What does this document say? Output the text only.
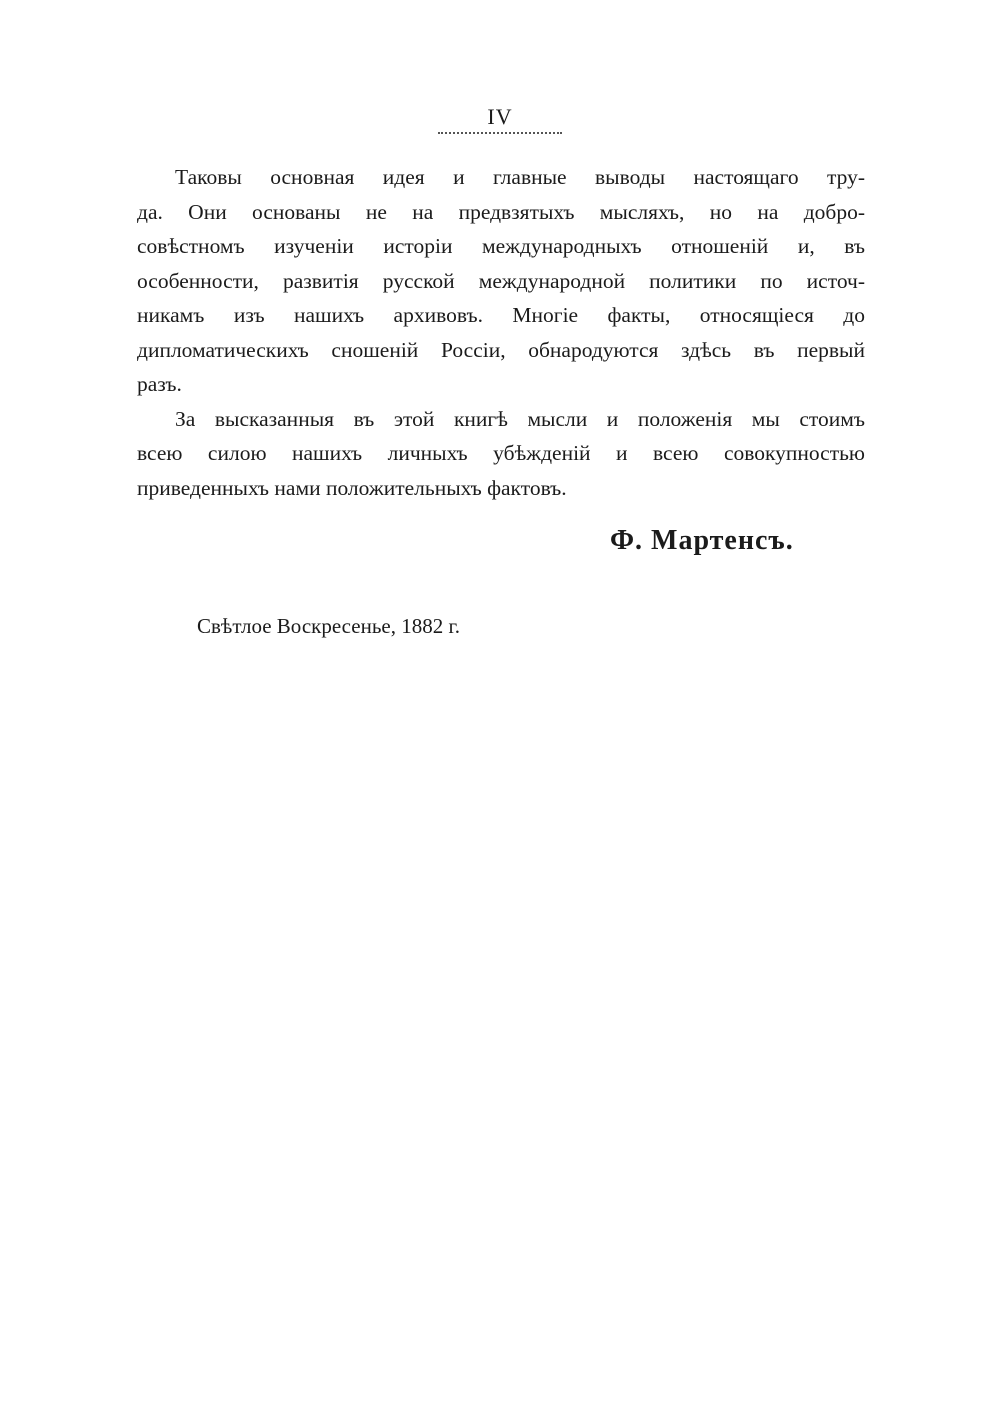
IV
Таковы основная идея и главные выводы настоящаго тру-
да. Они основаны не на предвзятыхъ мысляхъ, но на добро-
совѣстномъ изученiи исторiи международныхъ отношенiй и, въ
особенности, развитiя русской международной политики по источ-
никамъ изъ нашихъ архивовъ. Многiе факты, относящiеся до
дипломатическихъ сношенiй Россiи, обнародуются здѣсь въ первый
разъ.
За высказанныя въ этой книгѣ мысли и положенiя мы стоимъ
всею силою нашихъ личныхъ убѣжденiй и всею совокупностью
приведенныхъ нами положительныхъ фактовъ.
Ф. Мартенсъ.
Свѣтлое Воскресенье, 1882 г.
